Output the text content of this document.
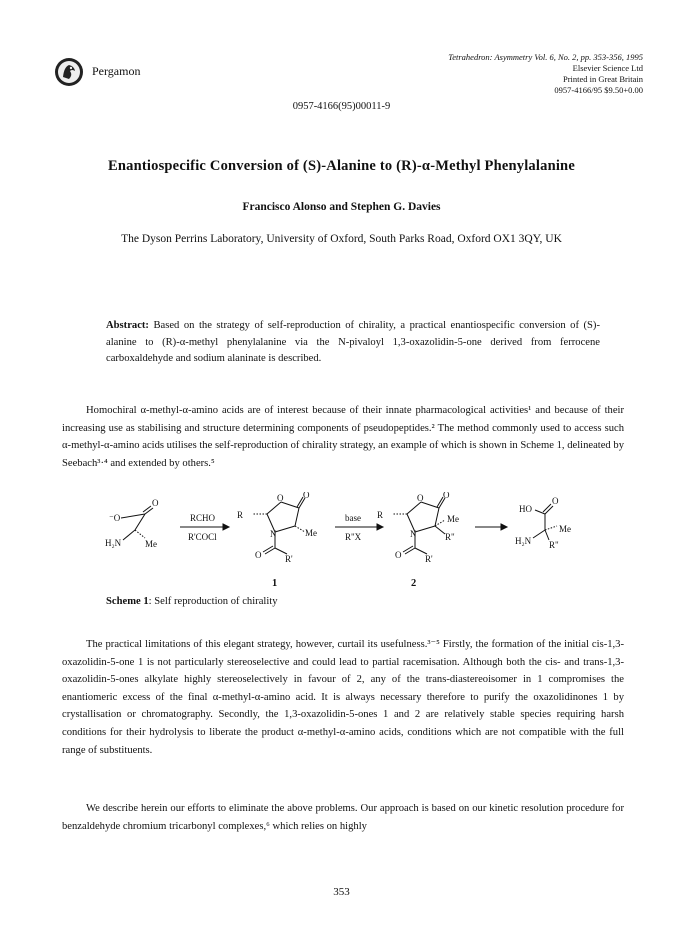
Pergamon
Tetrahedron: Asymmetry Vol. 6, No. 2, pp. 353-356, 1995
Elsevier Science Ltd
Printed in Great Britain
0957-4166/95 $9.50+0.00
0957-4166(95)00011-9
Enantiospecific Conversion of (S)-Alanine to (R)-α-Methyl Phenylalanine
Francisco Alonso and Stephen G. Davies
The Dyson Perrins Laboratory, University of Oxford, South Parks Road, Oxford OX1 3QY, UK
Abstract: Based on the strategy of self-reproduction of chirality, a practical enantiospecific conversion of (S)-alanine to (R)-α-methyl phenylalanine via the N-pivaloyl 1,3-oxazolidin-5-one derived from ferrocene carboxaldehyde and sodium alaninate is described.
Homochiral α-methyl-α-amino acids are of interest because of their innate pharmacological activities¹ and because of their increasing use as stabilising and structure determining components of pseudopeptides.² The method commonly used to access such α-methyl-α-amino acids utilises the self-reproduction of chirality strategy, an example of which is shown in Scheme 1, delineated by Seebach³·⁴ and extended by others.⁵
⁻O
O
H₂N	Me
RCHO
R'COCl
R
O O
N	Me
O	R'
base
R"X
R
O O
N
Me
R"
O	R'
HO
O
H₂N
Me
R"
1	2
Scheme 1: Self reproduction of chirality
The practical limitations of this elegant strategy, however, curtail its usefulness.³⁻⁵ Firstly, the formation of the initial cis-1,3-oxazolidin-5-one 1 is not particularly stereoselective and could lead to partial racemisation. Although both the cis- and trans-1,3-oxazolidin-5-ones alkylate highly stereoselectively in favour of 2, any of the trans-diastereoisomer in 1 compromises the enantiomeric excess of the final α-methyl-α-amino acid. It is always necessary therefore to purify the oxazolidinones 1 by crystallisation or chromatography. Secondly, the 1,3-oxazolidin-5-ones 1 and 2 are relatively stable species requiring harsh conditions for their hydrolysis to liberate the product α-methyl-α-amino acids, conditions which are not compatible with the full range of substituents.
We describe herein our efforts to eliminate the above problems. Our approach is based on our kinetic resolution procedure for benzaldehyde chromium tricarbonyl complexes,⁶ which relies on highly
353
